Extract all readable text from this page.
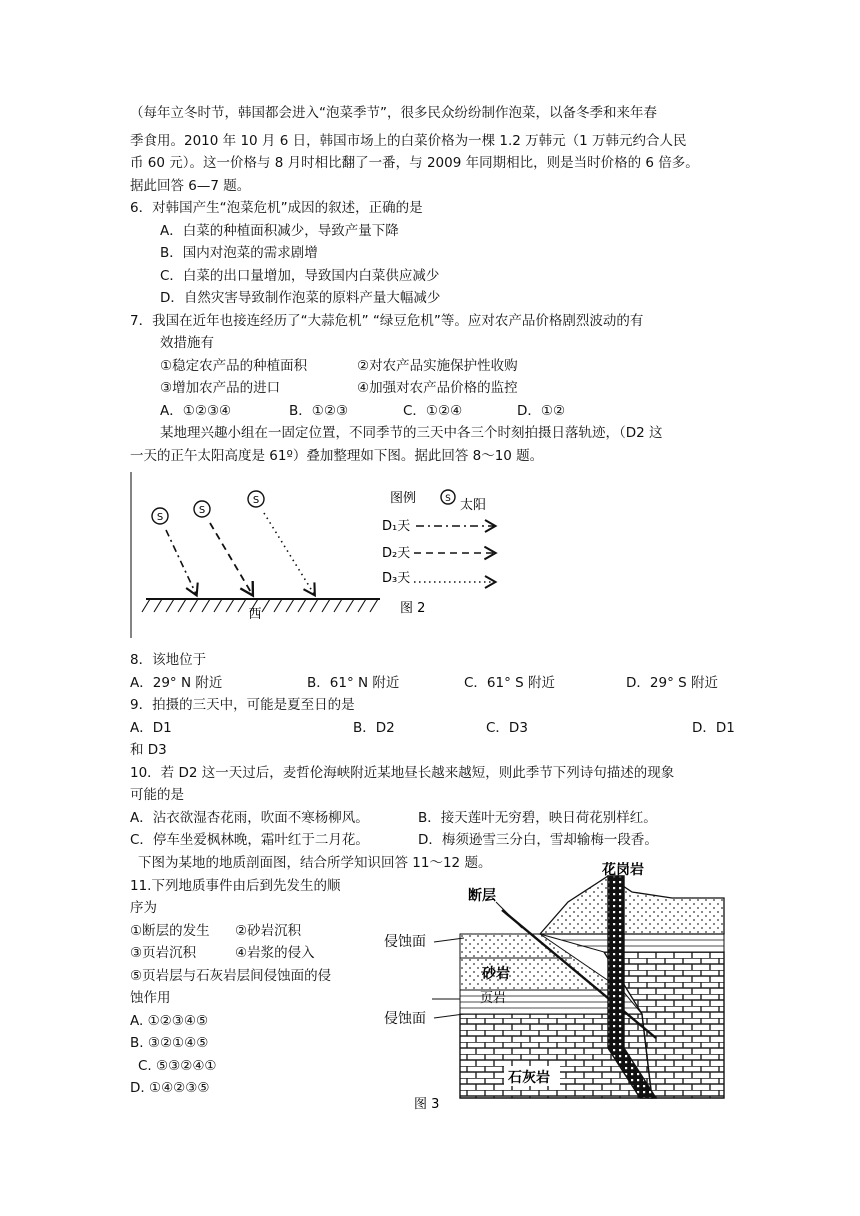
（每年立冬时节，韩国都会进入“泡菜季节”，很多民众纷纷制作泡菜，以备冬季和来年春
季食用。2010 年 10 月 6 日，韩国市场上的白菜价格为一棵 1.2 万韩元（1 万韩元约合人民
币 60 元）。这一价格与 8 月时相比翻了一番，与 2009 年同期相比，则是当时价格的 6 倍多。
据此回答 6—7 题。
6．对韩国产生“泡菜危机”成因的叙述，正确的是
A．白菜的种植面积减少，导致产量下降
B．国内对泡菜的需求剧增
C．白菜的出口量增加，导致国内白菜供应减少
D．自然灾害导致制作泡菜的原料产量大幅减少
7．我国在近年也接连经历了“大蒜危机” “绿豆危机”等。应对农产品价格剧烈波动的有
效措施有
①稳定农产品的种植面积	②对农产品实施保护性收购
③增加农产品的进口	④加强对农产品价格的监控
A．①②③④	B．①②③	C．①②④	D．①②
某地理兴趣小组在一固定位置，不同季节的三天中各三个时刻拍摄日落轨迹，（D2 这
一天的正午太阳高度是 61º）叠加整理如下图。据此回答 8～10 题。
S
S
S
西
图例	S 太阳
D₁天
D₂天
D₃天
图 2
8．该地位于
A．29° N 附近	B．61° N 附近	C．61° S 附近	D．29° S 附近
9．拍摄的三天中，可能是夏至日的是
A．D1	B．D2	C．D3	D．D1
和 D3
10．若 D2 这一天过后，麦哲伦海峡附近某地昼长越来越短，则此季节下列诗句描述的现象
可能的是
A．沾衣欲湿杏花雨，吹面不寒杨柳风。	B．接天莲叶无穷碧，映日荷花别样红。
C．停车坐爱枫林晚，霜叶红于二月花。	D．梅须逊雪三分白，雪却输梅一段香。
下图为某地的地质剖面图，结合所学知识回答 11～12 题。
11.下列地质事件由后到先发生的顺
序为
①断层的发生 ②砂岩沉积
③页岩沉积	④岩浆的侵入
⑤页岩层与石灰岩层间侵蚀面的侵
蚀作用
A. ①②③④⑤
B. ③②①④⑤
C. ⑤③②④①
D. ①④②③⑤
断层
花岗岩
侵蚀面
砂岩
页岩
侵蚀面
石灰岩
图 3
